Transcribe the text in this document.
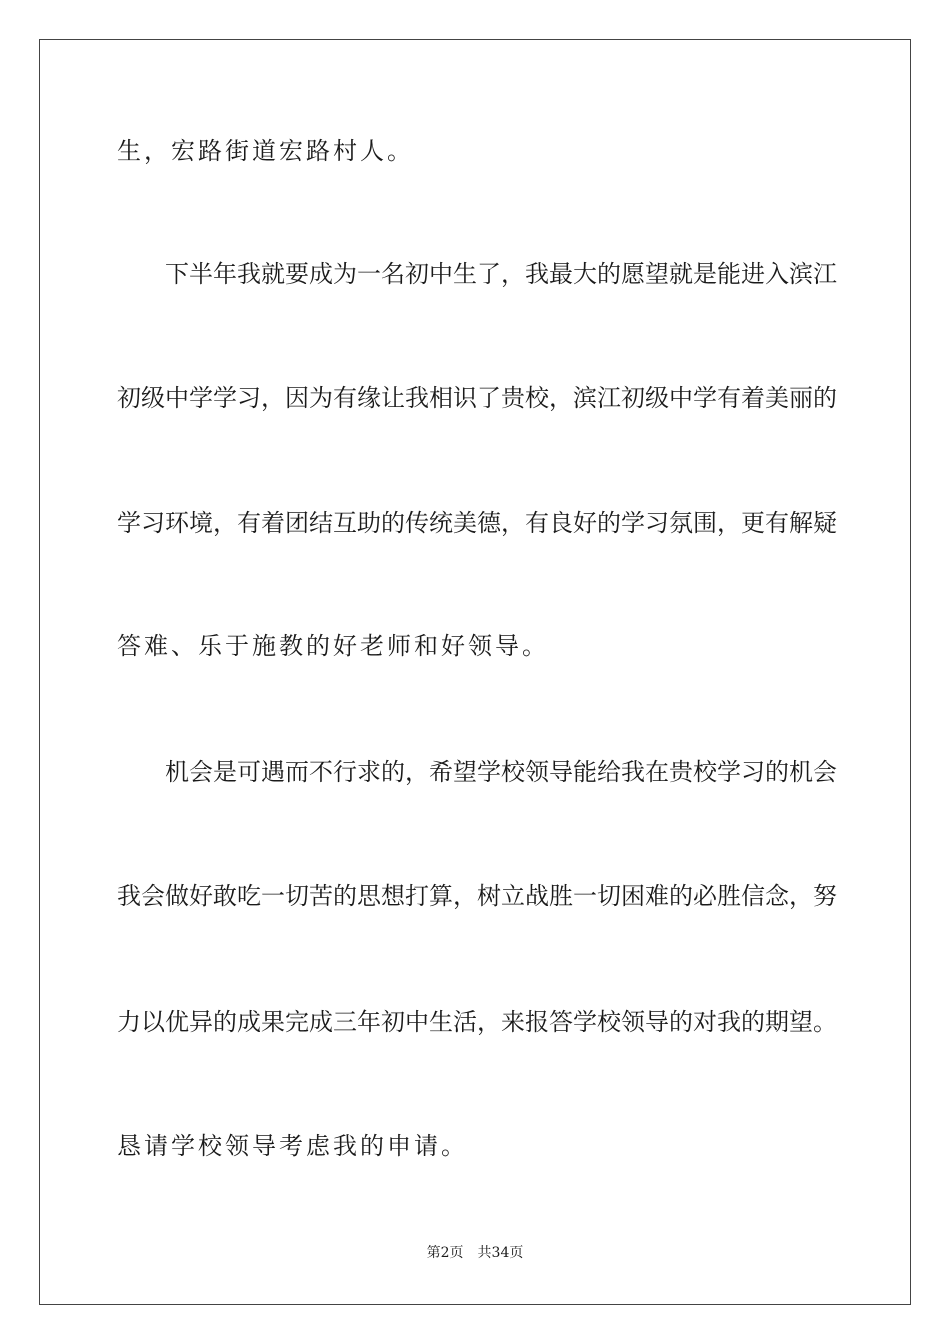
生，宏路街道宏路村人。
下半年我就要成为一名初中生了，我最大的愿望就是能进入滨江
初级中学学习，因为有缘让我相识了贵校，滨江初级中学有着美丽的
学习环境，有着团结互助的传统美德，有良好的学习氛围，更有解疑
答难、乐于施教的好老师和好领导。
机会是可遇而不行求的，希望学校领导能给我在贵校学习的机会
我会做好敢吃一切苦的思想打算，树立战胜一切困难的必胜信念，努
力以优异的成果完成三年初中生活，来报答学校领导的对我的期望。
恳请学校领导考虑我的申请。
第2页 共34页
